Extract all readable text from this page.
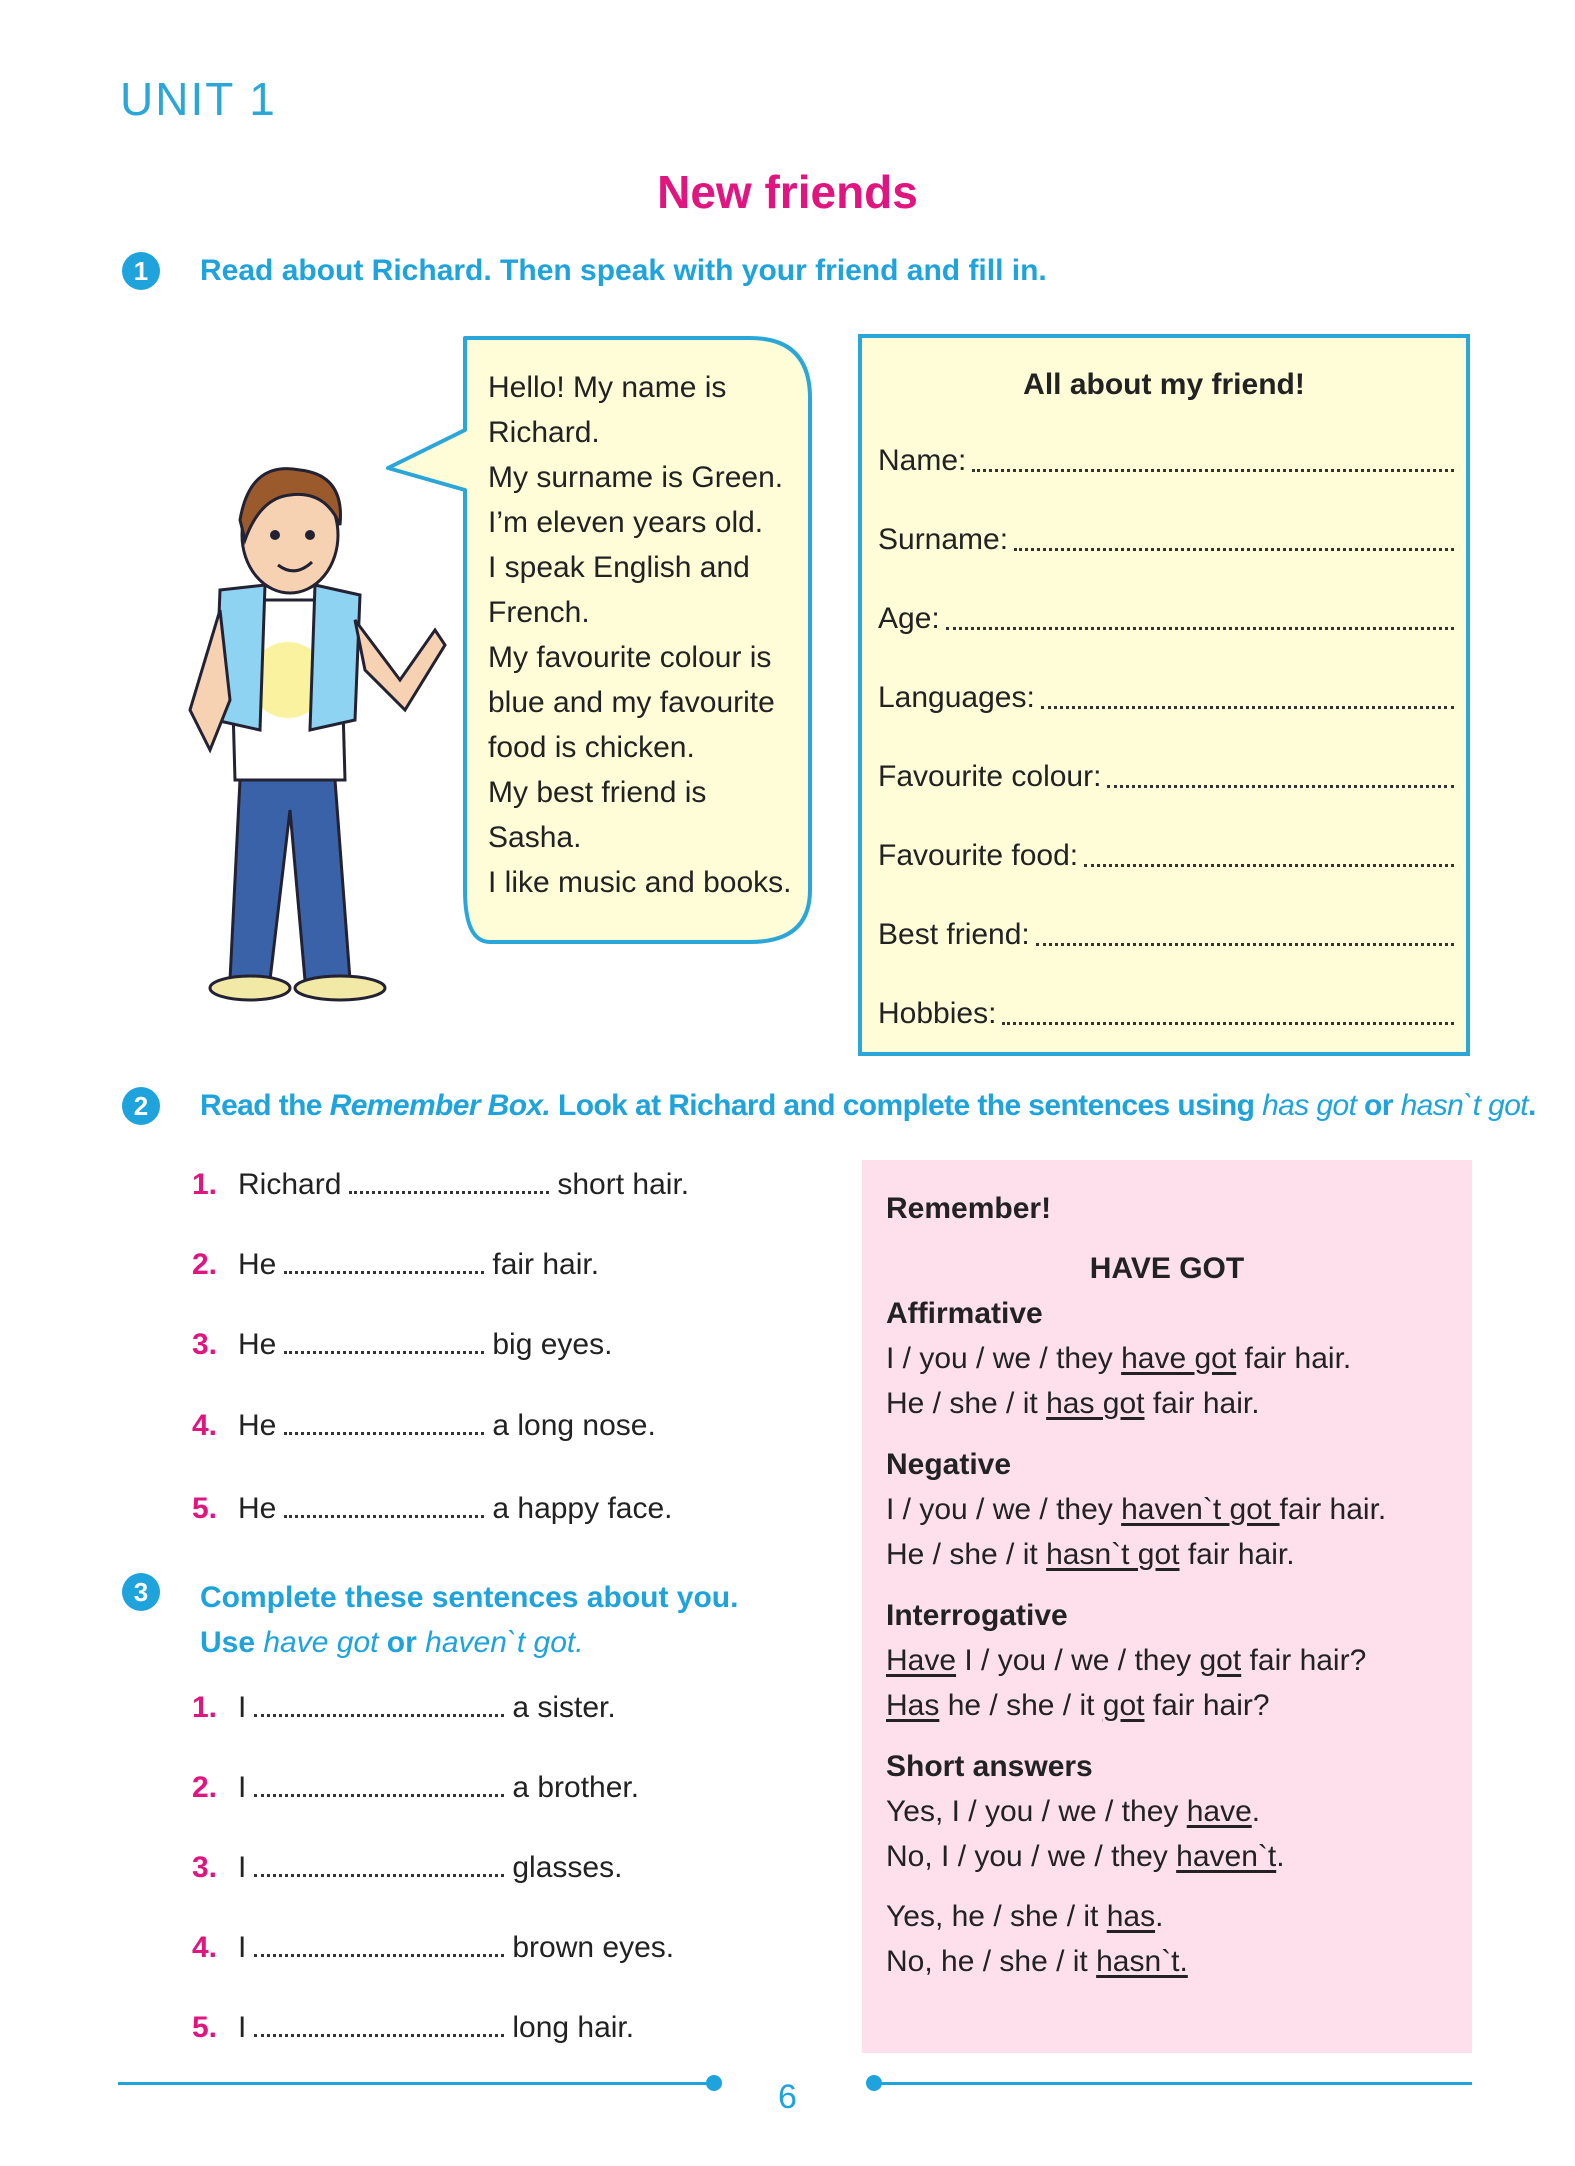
UNIT 1
New friends
1	Read about Richard. Then speak with your friend and fill in.
Hello! My name is
Richard.
My surname is Green.
I’m eleven years old.
I speak English and
French.
My favourite colour is
blue and my favourite
food is chicken.
My best friend is
Sasha.
I like music and books.
All about my friend!
Name:
Surname:
Age:
Languages:
Favourite colour:
Favourite food:
Best friend:
Hobbies:
2	Read the Remember Box. Look at Richard and complete the sentences using has got or hasn`t got.
1. Richard	short hair.
2. He	fair hair.
3. He	big eyes.
4. He	a long nose.
5. He	a happy face.
3	Complete these sentences about you.
Use have got or haven`t got.
1. I	a sister.
2. I	a brother.
3. I	glasses.
4. I	brown eyes.
5. I	long hair.
Remember!
HAVE GOT
Affirmative
I / you / we / they have got fair hair.
He / she / it has got fair hair.
Negative
I / you / we / they haven`t got fair hair.
He / she / it hasn`t got fair hair.
Interrogative
Have I / you / we / they got fair hair?
Has he / she / it got fair hair?
Short answers
Yes, I / you / we / they have.
No, I / you / we / they haven`t.
Yes, he / she / it has.
No, he / she / it hasn`t.
6
